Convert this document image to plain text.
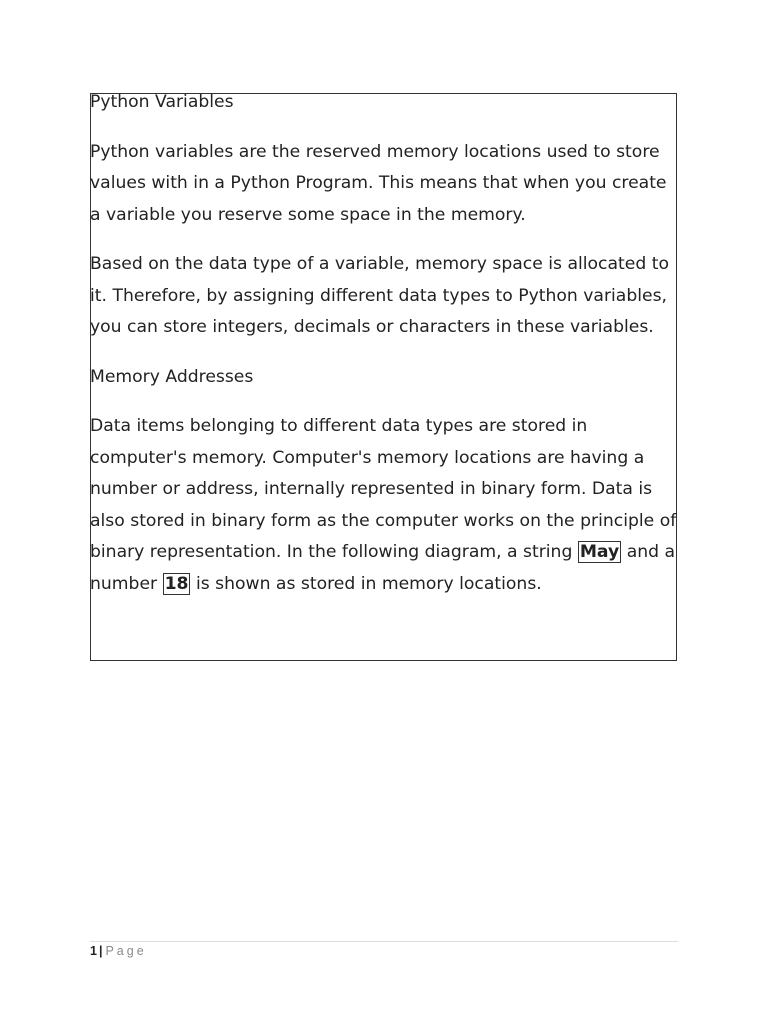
Python Variables

Python variables are the reserved memory locations used to store values with in a Python Program. This means that when you create a variable you reserve some space in the memory.

Based on the data type of a variable, memory space is allocated to it. Therefore, by assigning different data types to Python variables, you can store integers, decimals or characters in these variables.

Memory Addresses

Data items belonging to different data types are stored in computer's memory. Computer's memory locations are having a number or address, internally represented in binary form. Data is also stored in binary form as the computer works on the principle of binary representation. In the following diagram, a string May and a number 18 is shown as stored in memory locations.

1 | Page
